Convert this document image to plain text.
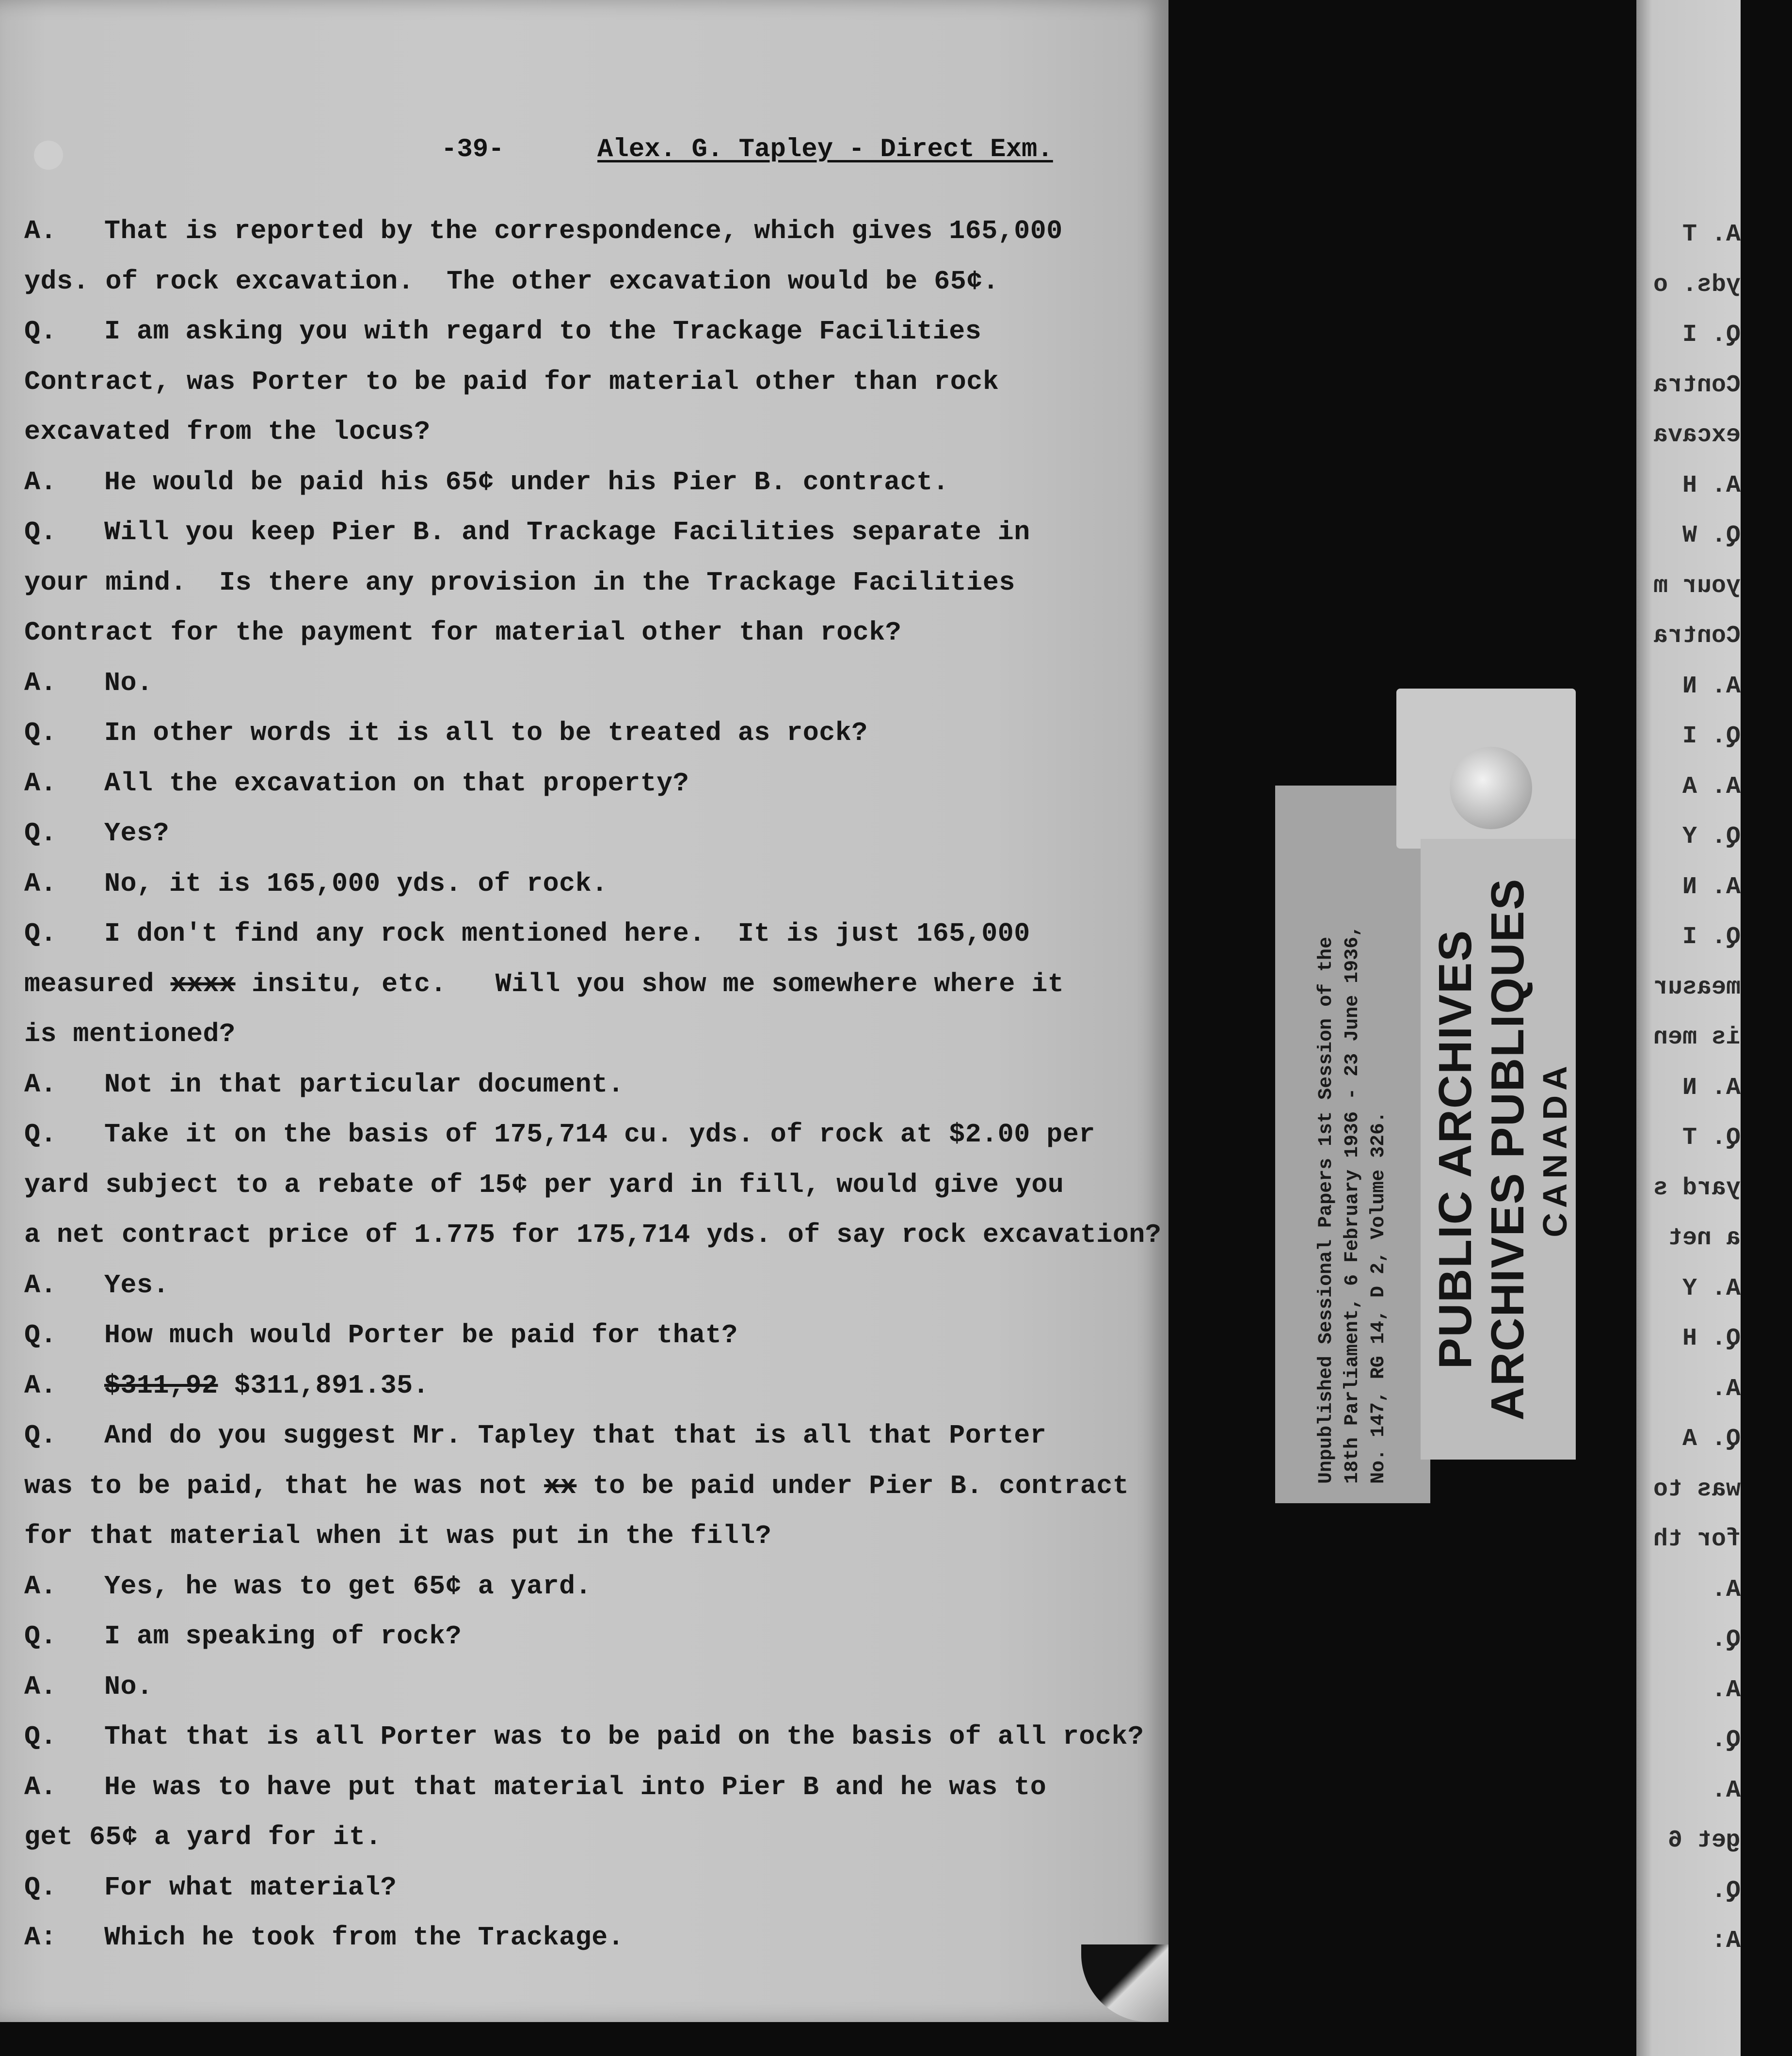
-39-	Alex. G. Tapley - Direct Exm.
A. That is reported by the correspondence, which gives 165,000
yds. of rock excavation.  The other excavation would be 65¢.
Q. I am asking you with regard to the Trackage Facilities
Contract, was Porter to be paid for material other than rock
excavated from the locus?
A. He would be paid his 65¢ under his Pier B. contract.
Q. Will you keep Pier B. and Trackage Facilities separate in
your mind.  Is there any provision in the Trackage Facilities
Contract for the payment for material other than rock?
A. No.
Q. In other words it is all to be treated as rock?
A. All the excavation on that property?
Q. Yes?
A. No, it is 165,000 yds. of rock.
Q. I don't find any rock mentioned here.  It is just 165,000
measured xxxx insitu, etc.   Will you show me somewhere where it
is mentioned?
A. Not in that particular document.
Q. Take it on the basis of 175,714 cu. yds. of rock at $2.00 per
yard subject to a rebate of 15¢ per yard in fill, would give you
a net contract price of 1.775 for 175,714 yds. of say rock excavation?
A. Yes.
Q. How much would Porter be paid for that?
A. $311,92 $311,891.35.
Q. And do you suggest Mr. Tapley that that is all that Porter
was to be paid, that he was not xx to be paid under Pier B. contract
for that material when it was put in the fill?
A. Yes, he was to get 65¢ a yard.
Q. I am speaking of rock?
A. No.
Q. That that is all Porter was to be paid on the basis of all rock?
A. He was to have put that material into Pier B and he was to
get 65¢ a yard for it.
Q. For what material?
A: Which he took from the Trackage.
A. T
yds. o
Q. I
Contra
excava
A. H
Q. W
your m
Contra
A. N
Q. I
A. A
Q. Y
A. N
Q. I
measur
is men
A. N
Q. T
yard s
a net
A. Y
Q. H
A.
Q. A
was to
for th
A.
Q.
A.
Q.
A.
get 6
Q.
A:
Unpublished Sessional Papers 1st Session of the 18th Parliament, 6 February 1936 - 23 June 1936, No. 147, RG 14, D 2, Volume 326. PUBLIC ARCHIVES ARCHIVES PUBLIQUES CANADA
